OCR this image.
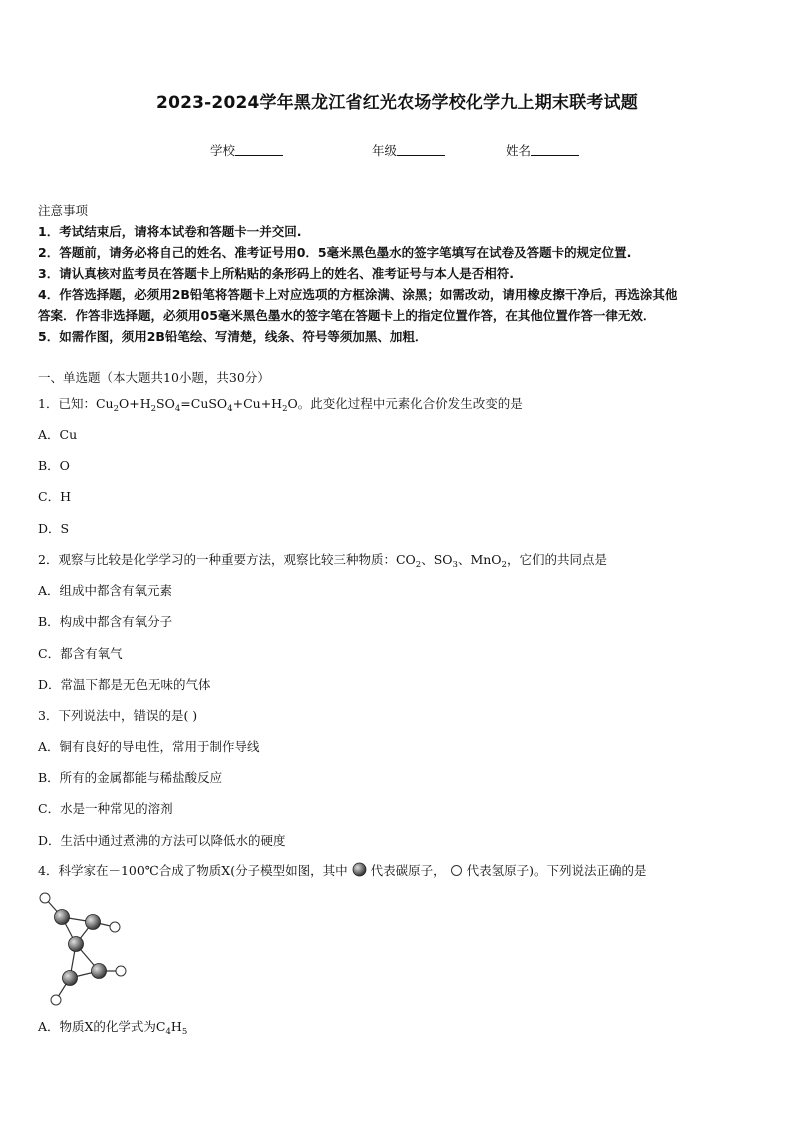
2023-2024学年黑龙江省红光农场学校化学九上期末联考试题
学校	年级	姓名
注意事项
1．考试结束后，请将本试卷和答题卡一并交回.
2．答题前，请务必将自己的姓名、准考证号用0．5毫米黑色墨水的签字笔填写在试卷及答题卡的规定位置.
3．请认真核对监考员在答题卡上所粘贴的条形码上的姓名、准考证号与本人是否相符.
4．作答选择题，必须用2B铅笔将答题卡上对应选项的方框涂满、涂黑；如需改动，请用橡皮擦干净后，再选涂其他
答案．作答非选择题，必须用05毫米黑色墨水的签字笔在答题卡上的指定位置作答，在其他位置作答一律无效．
5．如需作图，须用2B铅笔绘、写清楚，线条、符号等须加黑、加粗．
一、单选题（本大题共10小题，共30分）
1．已知：$Cu_2O+H_2SO_4=CuSO_4+Cu+H_2O$。此变化过程中元素化合价发生改变的是
A．Cu
B．O
C．H
D．S
2．观察与比较是化学学习的一种重要方法，观察比较三种物质：$CO_2$、$SO_3$、MnO$_2$，它们的共同点是
A．组成中都含有氧元素
B．构成中都含有氧分子
C．都含有氧气
D．常温下都是无色无味的气体
3．下列说法中，错误的是( )
A．铜有良好的导电性，常用于制作导线
B．所有的金属都能与稀盐酸反应
C．水是一种常见的溶剂
D．生活中通过煮沸的方法可以降低水的硬度
4．科学家在－100℃合成了物质X(分子模型如图，其中 代表碳原子， 代表氢原子)。下列说法正确的是
A．物质X的化学式为$C_4H_5$
